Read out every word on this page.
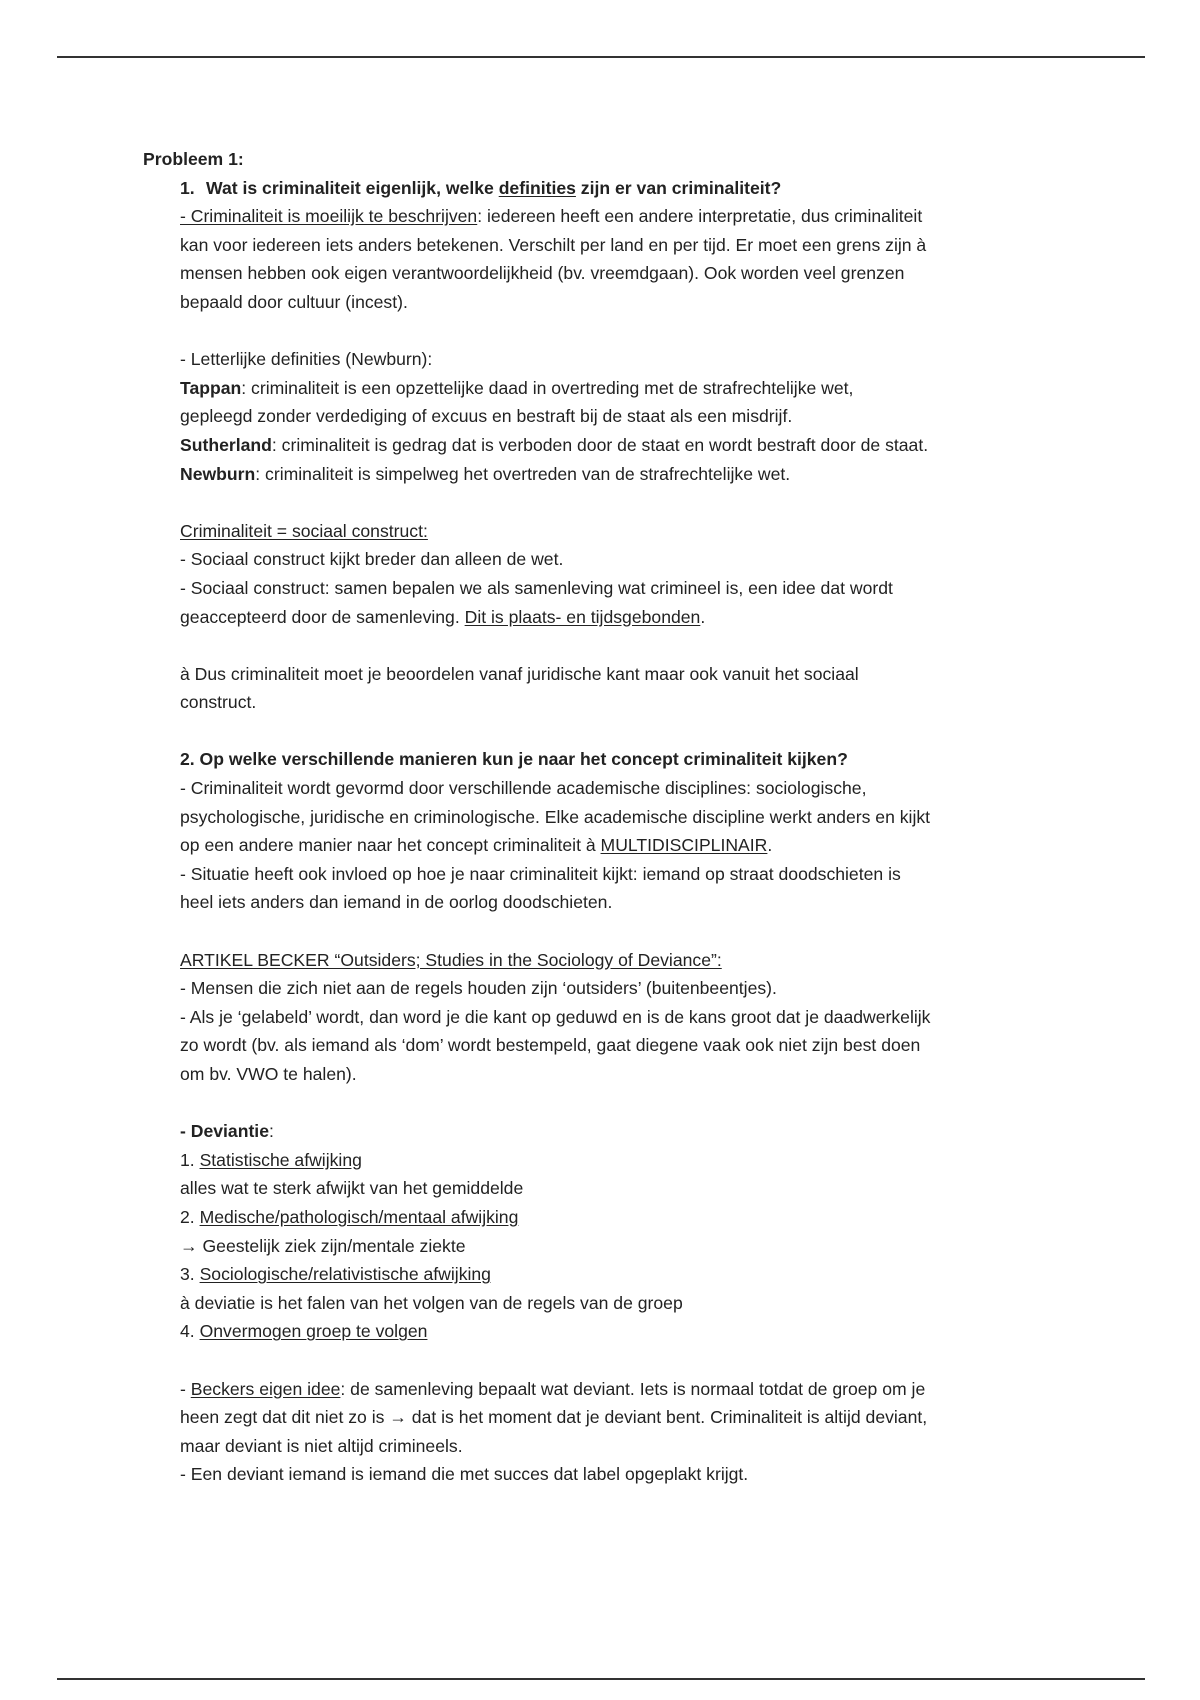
Probleem 1:

1. Wat is criminaliteit eigenlijk, welke definities zijn er van criminaliteit?

- Criminaliteit is moeilijk te beschrijven: iedereen heeft een andere interpretatie, dus criminaliteit

kan voor iedereen iets anders betekenen. Verschilt per land en per tijd. Er moet een grens zijn à

mensen hebben ook eigen verantwoordelijkheid (bv. vreemdgaan). Ook worden veel grenzen

bepaald door cultuur (incest).

- Letterlijke definities (Newburn):

Tappan: criminaliteit is een opzettelijke daad in overtreding met de strafrechtelijke wet,

gepleegd zonder verdediging of excuus en bestraft bij de staat als een misdrijf.

Sutherland: criminaliteit is gedrag dat is verboden door de staat en wordt bestraft door de staat.

Newburn: criminaliteit is simpelweg het overtreden van de strafrechtelijke wet.

Criminaliteit = sociaal construct:

- Sociaal construct kijkt breder dan alleen de wet.

- Sociaal construct: samen bepalen we als samenleving wat crimineel is, een idee dat wordt

geaccepteerd door de samenleving. Dit is plaats- en tijdsgebonden.

à Dus criminaliteit moet je beoordelen vanaf juridische kant maar ook vanuit het sociaal

construct.

2. Op welke verschillende manieren kun je naar het concept criminaliteit kijken?

- Criminaliteit wordt gevormd door verschillende academische disciplines: sociologische,

psychologische, juridische en criminologische. Elke academische discipline werkt anders en kijkt

op een andere manier naar het concept criminaliteit à MULTIDISCIPLINAIR.

- Situatie heeft ook invloed op hoe je naar criminaliteit kijkt: iemand op straat doodschieten is

heel iets anders dan iemand in de oorlog doodschieten.

ARTIKEL BECKER “Outsiders; Studies in the Sociology of Deviance”:

- Mensen die zich niet aan de regels houden zijn ‘outsiders’ (buitenbeentjes).

- Als je ‘gelabeld’ wordt, dan word je die kant op geduwd en is de kans groot dat je daadwerkelijk

zo wordt (bv. als iemand als ‘dom’ wordt bestempeld, gaat diegene vaak ook niet zijn best doen

om bv. VWO te halen).

- Deviantie:

1. Statistische afwijking

alles wat te sterk afwijkt van het gemiddelde

2. Medische/pathologisch/mentaal afwijking

→ Geestelijk ziek zijn/mentale ziekte

3. Sociologische/relativistische afwijking

à deviatie is het falen van het volgen van de regels van de groep

4. Onvermogen groep te volgen

- Beckers eigen idee: de samenleving bepaalt wat deviant. Iets is normaal totdat de groep om je

heen zegt dat dit niet zo is → dat is het moment dat je deviant bent. Criminaliteit is altijd deviant,

maar deviant is niet altijd crimineels.

- Een deviant iemand is iemand die met succes dat label opgeplakt krijgt.
